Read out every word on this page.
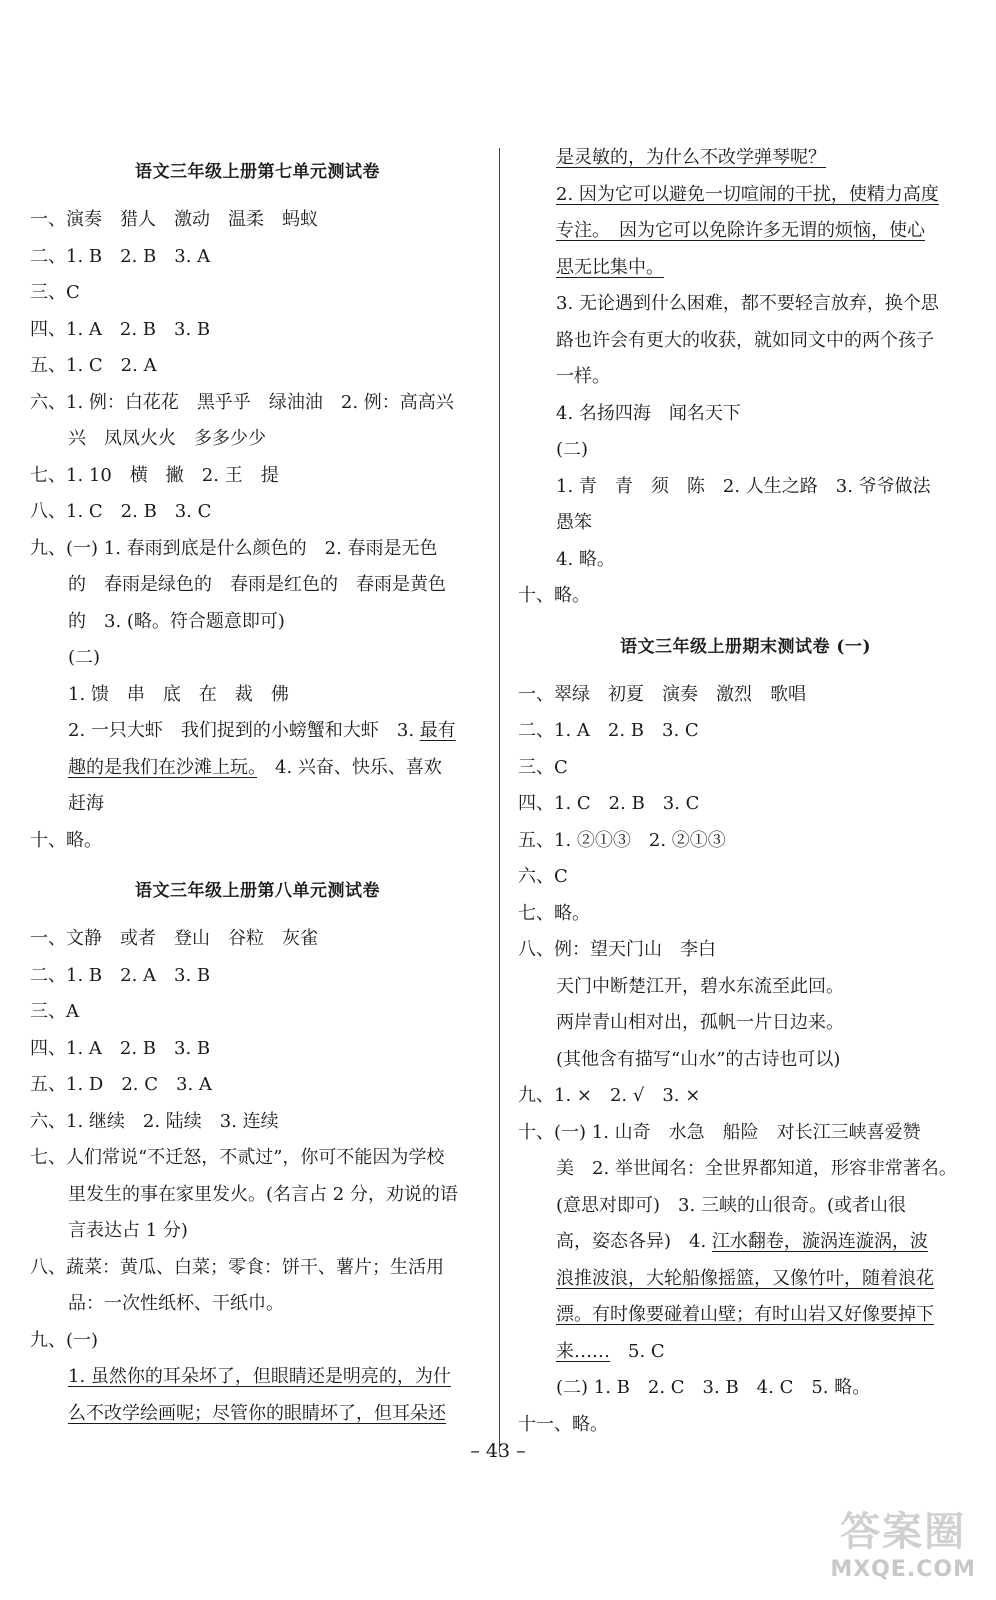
语文三年级上册第七单元测试卷
一、演奏　猎人　激动　温柔　蚂蚁
二、1. B　2. B　3. A
三、C
四、1. A　2. B　3. B
五、1. C　2. A
六、1. 例：白花花　黑乎乎　绿油油　2. 例：高高兴
兴　凤凤火火　多多少少
七、1. 10　横　撇　2. 王　提
八、1. C　2. B　3. C
九、(一) 1. 春雨到底是什么颜色的　2. 春雨是无色
的　春雨是绿色的　春雨是红色的　春雨是黄色
的　3. (略。符合题意即可)
(二)
1. 馈　串　底　在　裁　佛
2. 一只大虾　我们捉到的小螃蟹和大虾　3. 最有
趣的是我们在沙滩上玩。　4. 兴奋、快乐、喜欢
赶海
十、略。
语文三年级上册第八单元测试卷
一、文静　或者　登山　谷粒　灰雀
二、1. B　2. A　3. B
三、A
四、1. A　2. B　3. B
五、1. D　2. C　3. A
六、1. 继续　2. 陆续　3. 连续
七、人们常说“不迁怒，不贰过”，你可不能因为学校
里发生的事在家里发火。(名言占 2 分，劝说的语
言表达占 1 分)
八、蔬菜：黄瓜、白菜；零食：饼干、薯片；生活用
品：一次性纸杯、干纸巾。
九、(一)
1. 虽然你的耳朵坏了，但眼睛还是明亮的，为什
么不改学绘画呢；尽管你的眼睛坏了，但耳朵还
是灵敏的，为什么不改学弹琴呢？
2. 因为它可以避免一切喧闹的干扰，使精力高度
专注。　因为它可以免除许多无谓的烦恼，使心
思无比集中。
3. 无论遇到什么困难，都不要轻言放弃，换个思
路也许会有更大的收获，就如同文中的两个孩子
一样。
4. 名扬四海　闻名天下
(二)
1. 青　青　须　陈　2. 人生之路　3. 爷爷做法
愚笨
4. 略。
十、略。
语文三年级上册期末测试卷 (一)
一、翠绿　初夏　演奏　激烈　歌唱
二、1. A　2. B　3. C
三、C
四、1. C　2. B　3. C
五、1. ②①③　2. ②①③
六、C
七、略。
八、例：望天门山　李白
天门中断楚江开，碧水东流至此回。
两岸青山相对出，孤帆一片日边来。
(其他含有描写“山水”的古诗也可以)
九、1. ×　2. √　3. ×
十、(一) 1. 山奇　水急　船险　对长江三峡喜爱赞
美　2. 举世闻名：全世界都知道，形容非常著名。
(意思对即可)　3. 三峡的山很奇。(或者山很
高，姿态各异)　4. 江水翻卷，漩涡连漩涡，波
浪推波浪，大轮船像摇篮，又像竹叶，随着浪花
漂。有时像要碰着山壁；有时山岩又好像要掉下
来……　5. C
(二) 1. B　2. C　3. B　4. C　5. 略。
十一、略。
– 43 –
答案圈
MXQE.COM
